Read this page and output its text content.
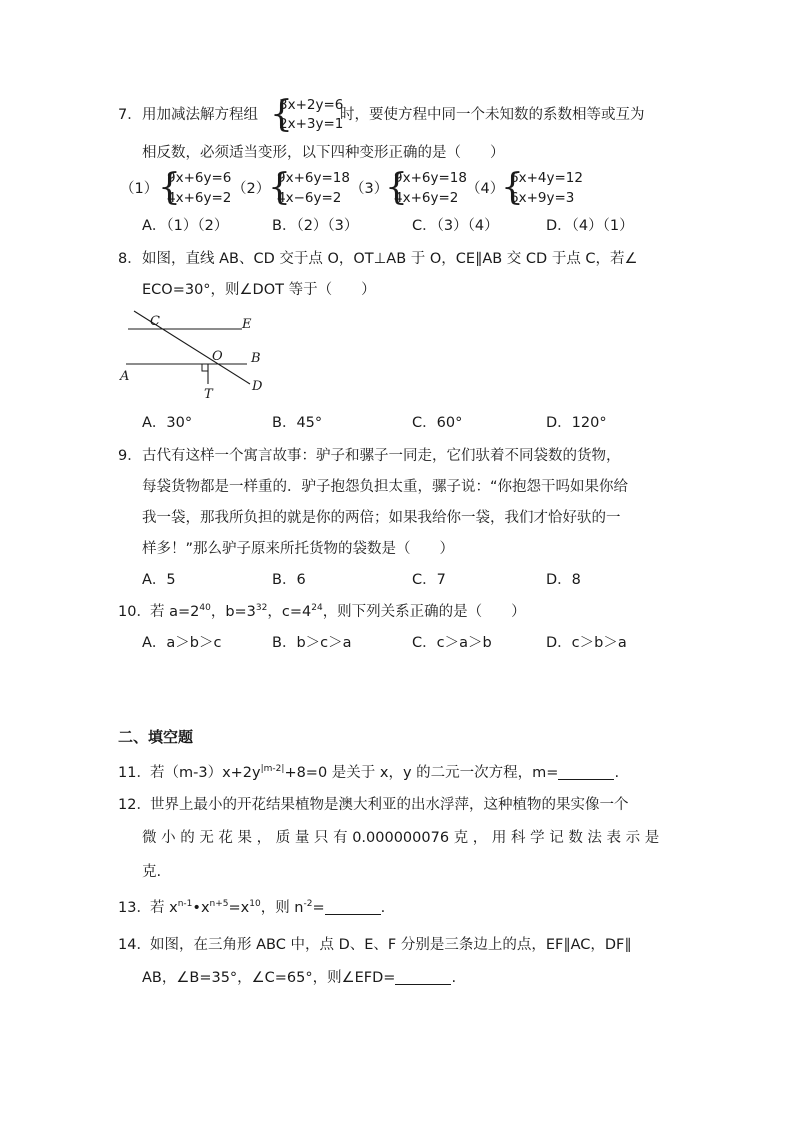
7． 用加减法解方程组 {
3x+2y=6
2x+3y=1
时，要使方程中同一个未知数的系数相等或互为
相反数，必须适当变形，以下四种变形正确的是（　　）
（1） {
9x+6y=6
4x+6y=2
（2）
{
9x+6y=18
4x−6y=2
（3）
{
9x+6y=18
4x+6y=2
（4）
{
6x+4y=12
6x+9y=3
A．（1）（2）	B．（2）（3）	C．（3）（4）	D．（4）（1）
8． 如图，直线 AB、CD 交于点 O，OT⊥AB 于 O，CE∥AB 交 CD 于点 C，若∠
ECO=30°，则∠DOT 等于（　　）
C	E
O B
A
T
D
A．30°	B．45°	C．60°	D．120°
9． 古代有这样一个寓言故事：驴子和骡子一同走，它们驮着不同袋数的货物，
每袋货物都是一样重的．驴子抱怨负担太重，骡子说：“你抱怨干吗如果你给
我一袋，那我所负担的就是你的两倍；如果我给你一袋，我们才恰好驮的一
样多！”那么驴子原来所托货物的袋数是（　　）
A．5	B．6	C．7	D．8
10． 若 $a=2^{40}$，$b=3^{32}$，$c=4^{24}$，则下列关系正确的是（　　）
A．a＞b＞c	B．b＞c＞a	C．c＞a＞b	D．c＞b＞a
二、填空题
11． 若$(m-3)x+2y^{|m-2|}+8=0$ 是关于 x，y 的二元一次方程，m=	.
12． 世界上最小的开花结果植物是澳大利亚的出水浮萍，这种植物的果实像一个
微 小 的 无 花 果 ， 质 量 只 有 0.000000076 克 ， 用 科 学 记 数 法 表 示 是
克.
13． 若 $x^{n-1}•x^{n+5}=x^{10}$，则 $n^{-2}=$	.
14． 如图，在三角形 ABC 中，点 D、E、F 分别是三条边上的点，EF∥AC，DF∥
AB，∠B=35°，∠C=65°，则∠EFD=	.
